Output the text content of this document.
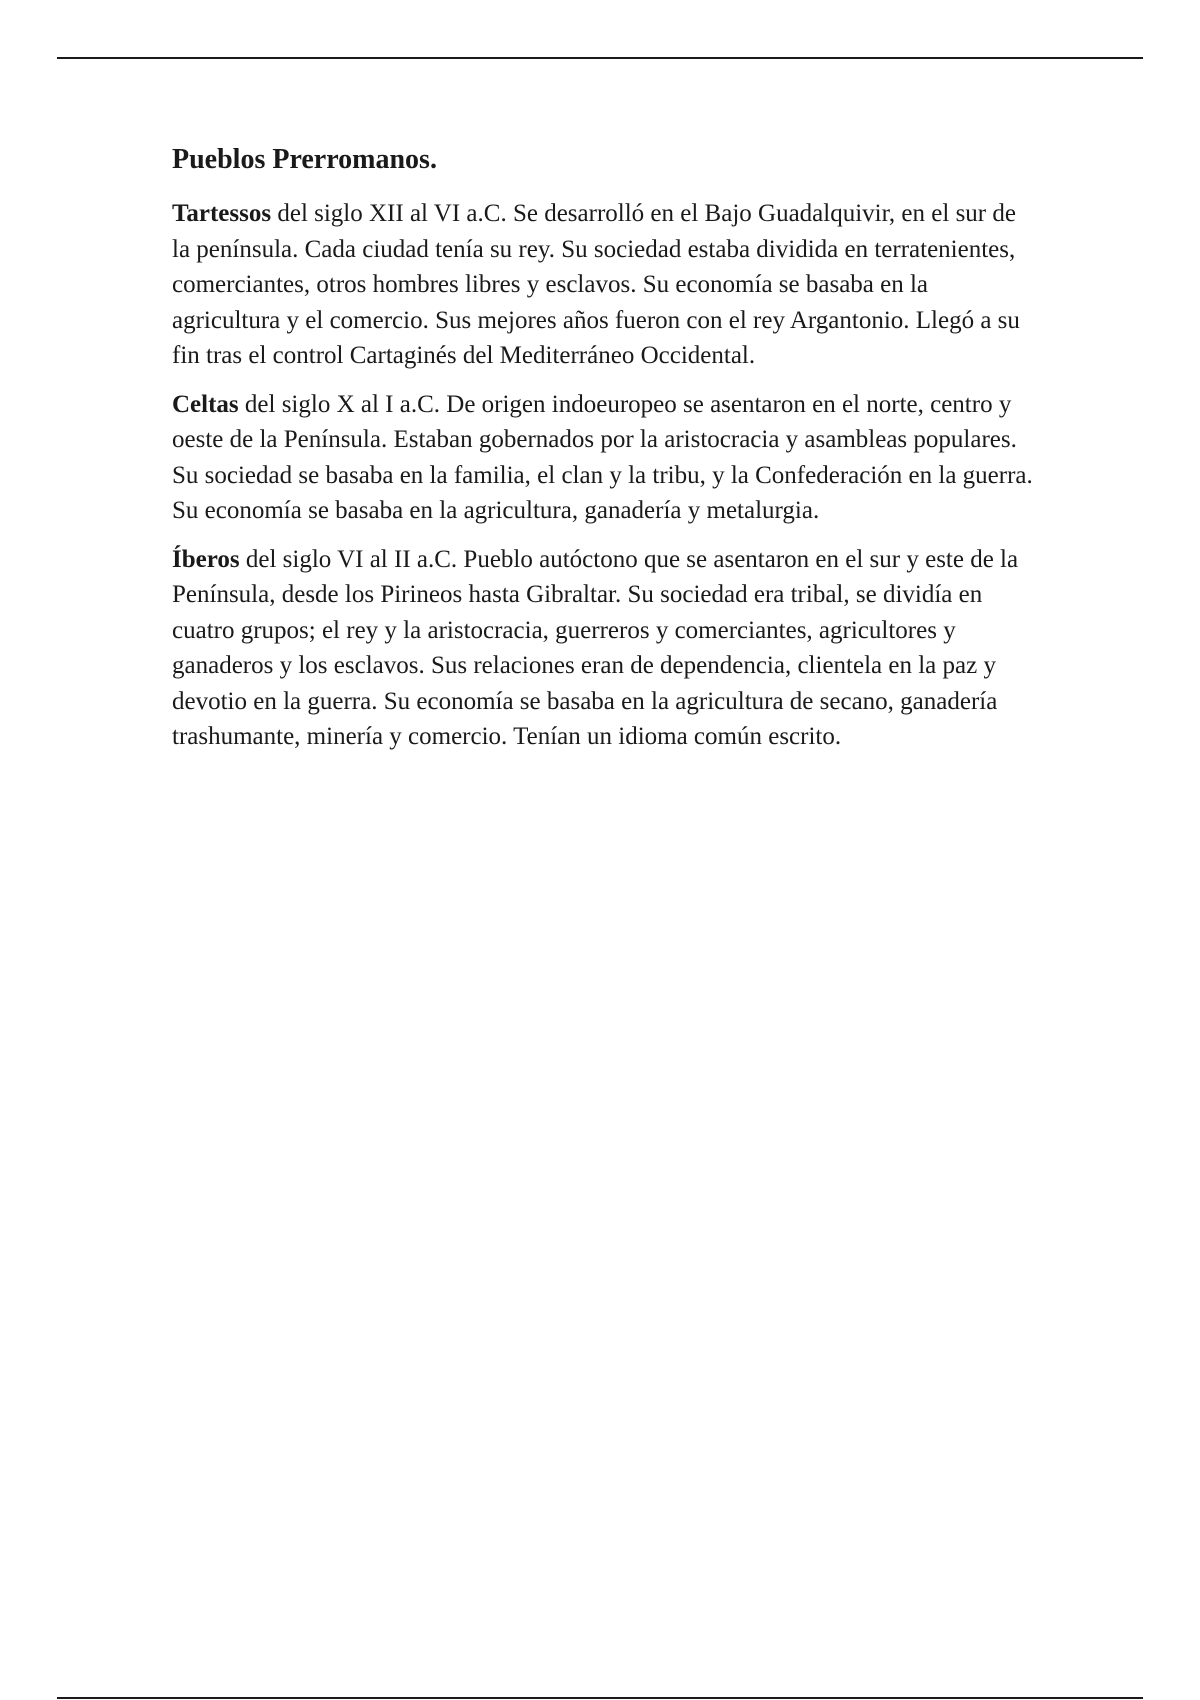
Pueblos Prerromanos.

Tartessos del siglo XII al VI a.C. Se desarrolló en el Bajo Guadalquivir, en el sur de la península. Cada ciudad tenía su rey. Su sociedad estaba dividida en terratenientes, comerciantes, otros hombres libres y esclavos. Su economía se basaba en la agricultura y el comercio. Sus mejores años fueron con el rey Argantonio. Llegó a su fin tras el control Cartaginés del Mediterráneo Occidental.

Celtas del siglo X al I a.C. De origen indoeuropeo se asentaron en el norte, centro y oeste de la Península. Estaban gobernados por la aristocracia y asambleas populares. Su sociedad se basaba en la familia, el clan y la tribu, y la Confederación en la guerra. Su economía se basaba en la agricultura, ganadería y metalurgia.

Íberos del siglo VI al II a.C. Pueblo autóctono que se asentaron en el sur y este de la Península, desde los Pirineos hasta Gibraltar. Su sociedad era tribal, se dividía en cuatro grupos; el rey y la aristocracia, guerreros y comerciantes, agricultores y ganaderos y los esclavos. Sus relaciones eran de dependencia, clientela en la paz y devotio en la guerra. Su economía se basaba en la agricultura de secano, ganadería trashumante, minería y comercio. Tenían un idioma común escrito.
